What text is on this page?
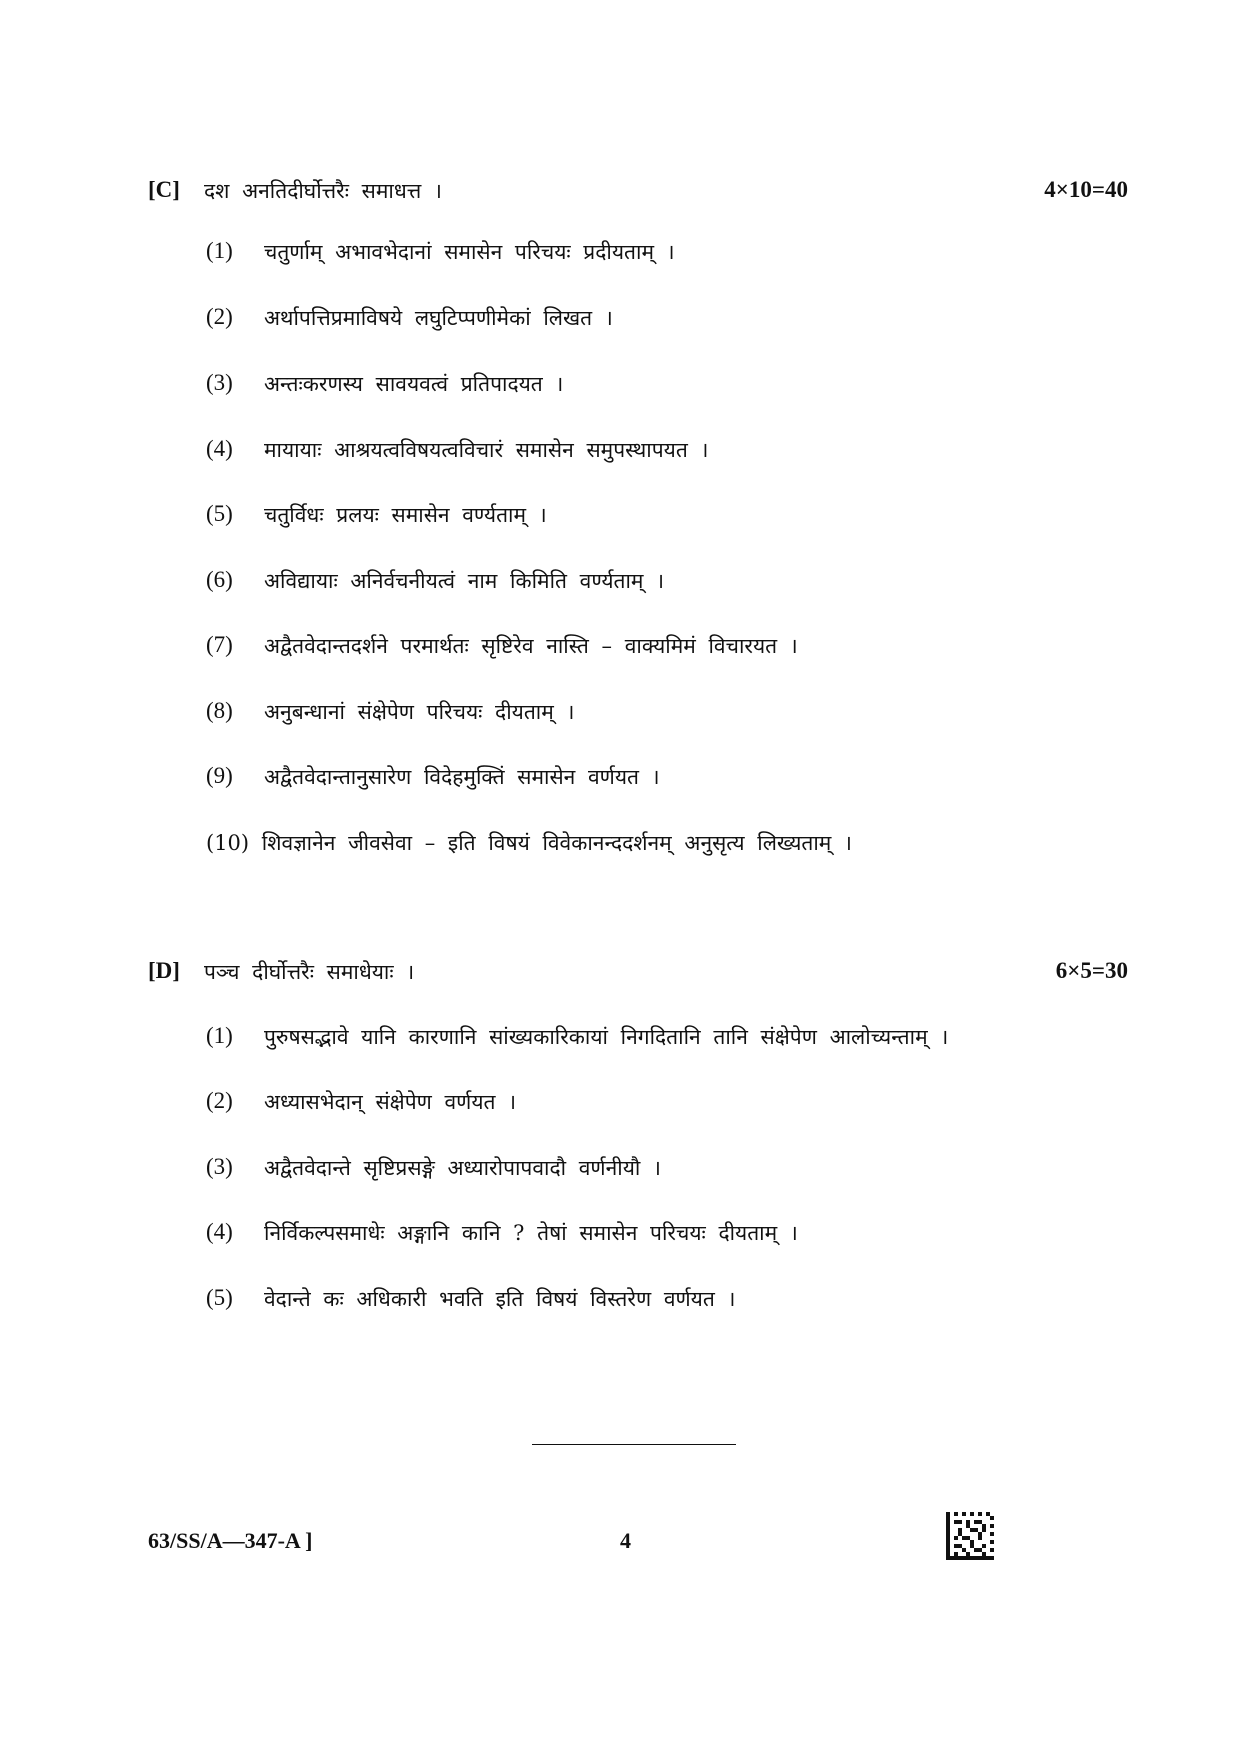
[C] दश अनतिदीर्घोत्तरैः समाधत्त ।	4×10=40
(1) चतुर्णाम् अभावभेदानां समासेन परिचयः प्रदीयताम् ।
(2) अर्थापत्तिप्रमाविषये लघुटिप्पणीमेकां लिखत ।
(3) अन्तःकरणस्य सावयवत्वं प्रतिपादयत ।
(4) मायायाः आश्रयत्वविषयत्वविचारं समासेन समुपस्थापयत ।
(5) चतुर्विधः प्रलयः समासेन वर्ण्यताम् ।
(6) अविद्यायाः अनिर्वचनीयत्वं नाम किमिति वर्ण्यताम् ।
(7) अद्वैतवेदान्तदर्शने परमार्थतः सृष्टिरेव नास्ति – वाक्यमिमं विचारयत ।
(8) अनुबन्धानां संक्षेपेण परिचयः दीयताम् ।
(9) अद्वैतवेदान्तानुसारेण विदेहमुक्तिं समासेन वर्णयत ।
(10) शिवज्ञानेन जीवसेवा – इति विषयं विवेकानन्ददर्शनम् अनुसृत्य लिख्यताम् ।
[D] पञ्च दीर्घोत्तरैः समाधेयाः ।	6×5=30
(1) पुरुषसद्भावे यानि कारणानि सांख्यकारिकायां निगदितानि तानि संक्षेपेण आलोच्यन्ताम् ।
(2) अध्यासभेदान् संक्षेपेण वर्णयत ।
(3) अद्वैतवेदान्ते सृष्टिप्रसङ्गे अध्यारोपापवादौ वर्णनीयौ ।
(4) निर्विकल्पसमाधेः अङ्गानि कानि ? तेषां समासेन परिचयः दीयताम् ।
(5) वेदान्ते कः अधिकारी भवति इति विषयं विस्तरेण वर्णयत ।
63/SS/A—347-A ]	4
